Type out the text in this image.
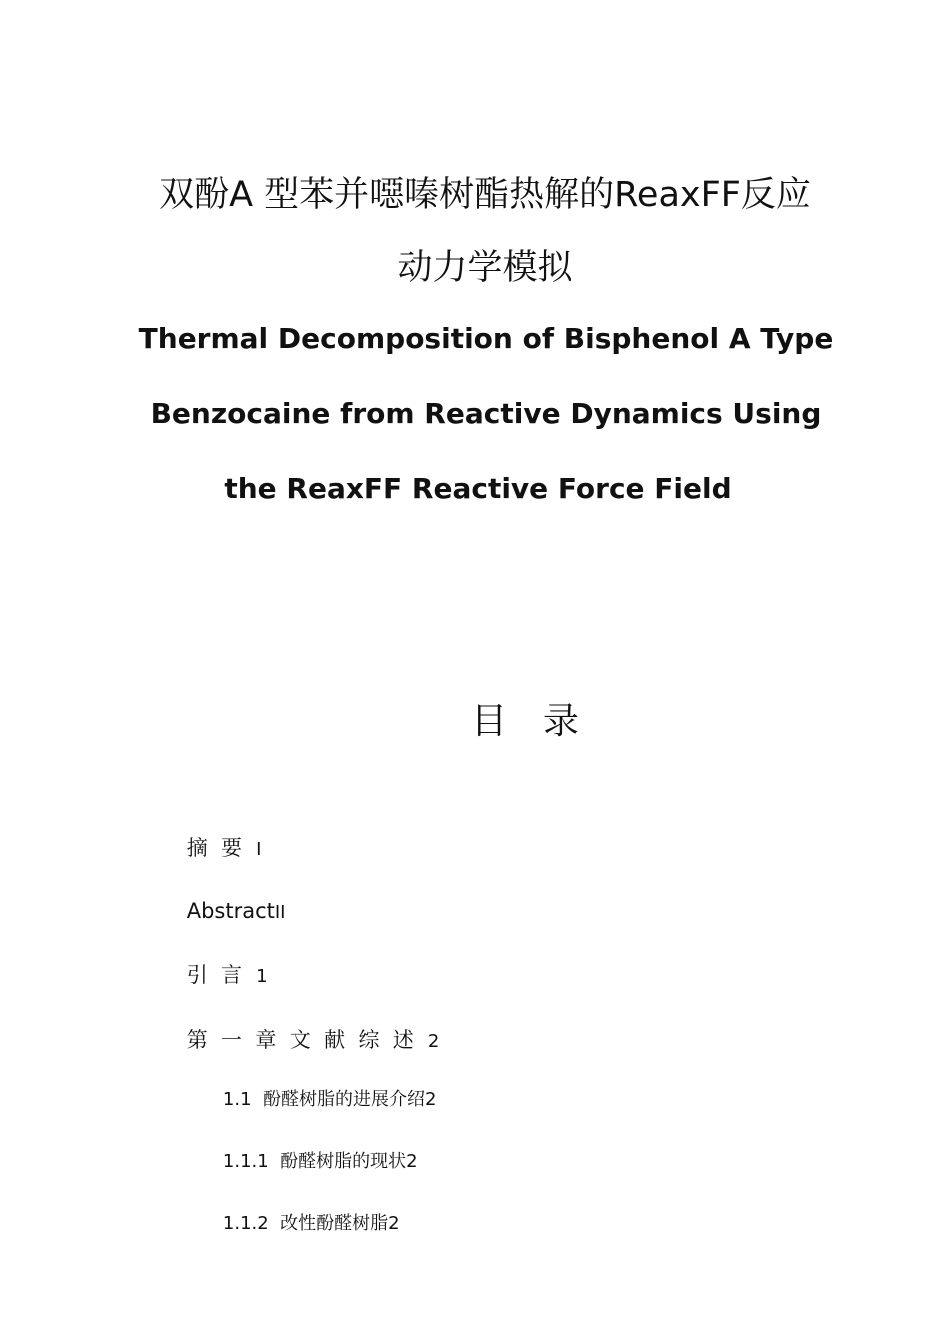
双酚A 型苯并噁嗪树酯热解的ReaxFF反应
动力学模拟
Thermal Decomposition of Bisphenol A Type
Benzocaine from Reactive Dynamics Using
the ReaxFF Reactive Force Field
目　录

摘  要 I

AbstractII

引  言 1

第  一  章  文  献  综  述 2

1.1  酚醛树脂的进展介绍2

1.1.1  酚醛树脂的现状2

1.1.2  改性酚醛树脂2
